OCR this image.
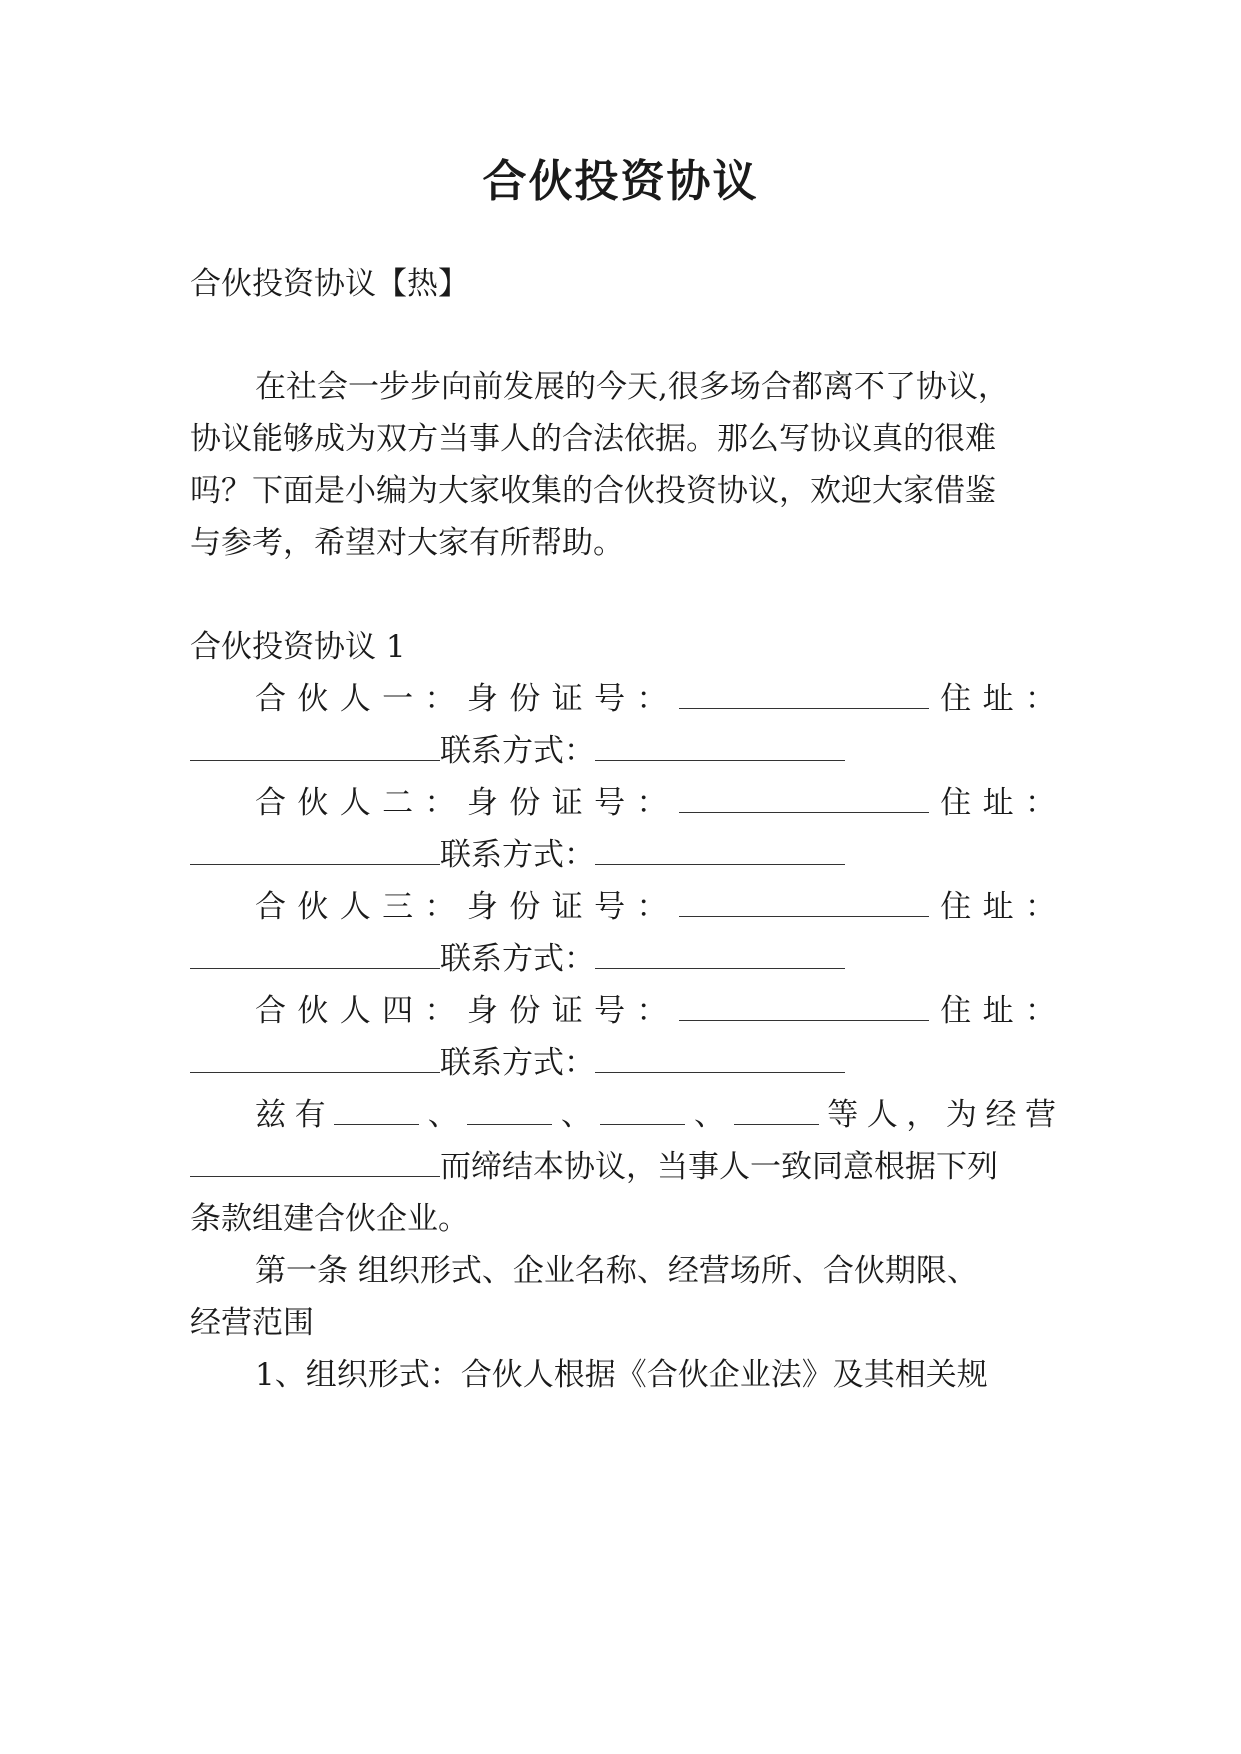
合伙投资协议

合伙投资协议【热】

在社会一步步向前发展的今天,很多场合都离不了协议，

协议能够成为双方当事人的合法依据。那么写协议真的很难

吗？下面是小编为大家收集的合伙投资协议，欢迎大家借鉴

与参考，希望对大家有所帮助。

合伙投资协议 1

合伙人一：身份证号：	住址：

联系方式：

合伙人二：身份证号：	住址：

联系方式：

合伙人三：身份证号：	住址：

联系方式：

合伙人四：身份证号：	住址：

联系方式：

兹有	、	、	、	等人，为经营

而缔结本协议，当事人一致同意根据下列

条款组建合伙企业。

第一条 组织形式、企业名称、经营场所、合伙期限、

经营范围

1、组织形式：合伙人根据《合伙企业法》及其相关规
